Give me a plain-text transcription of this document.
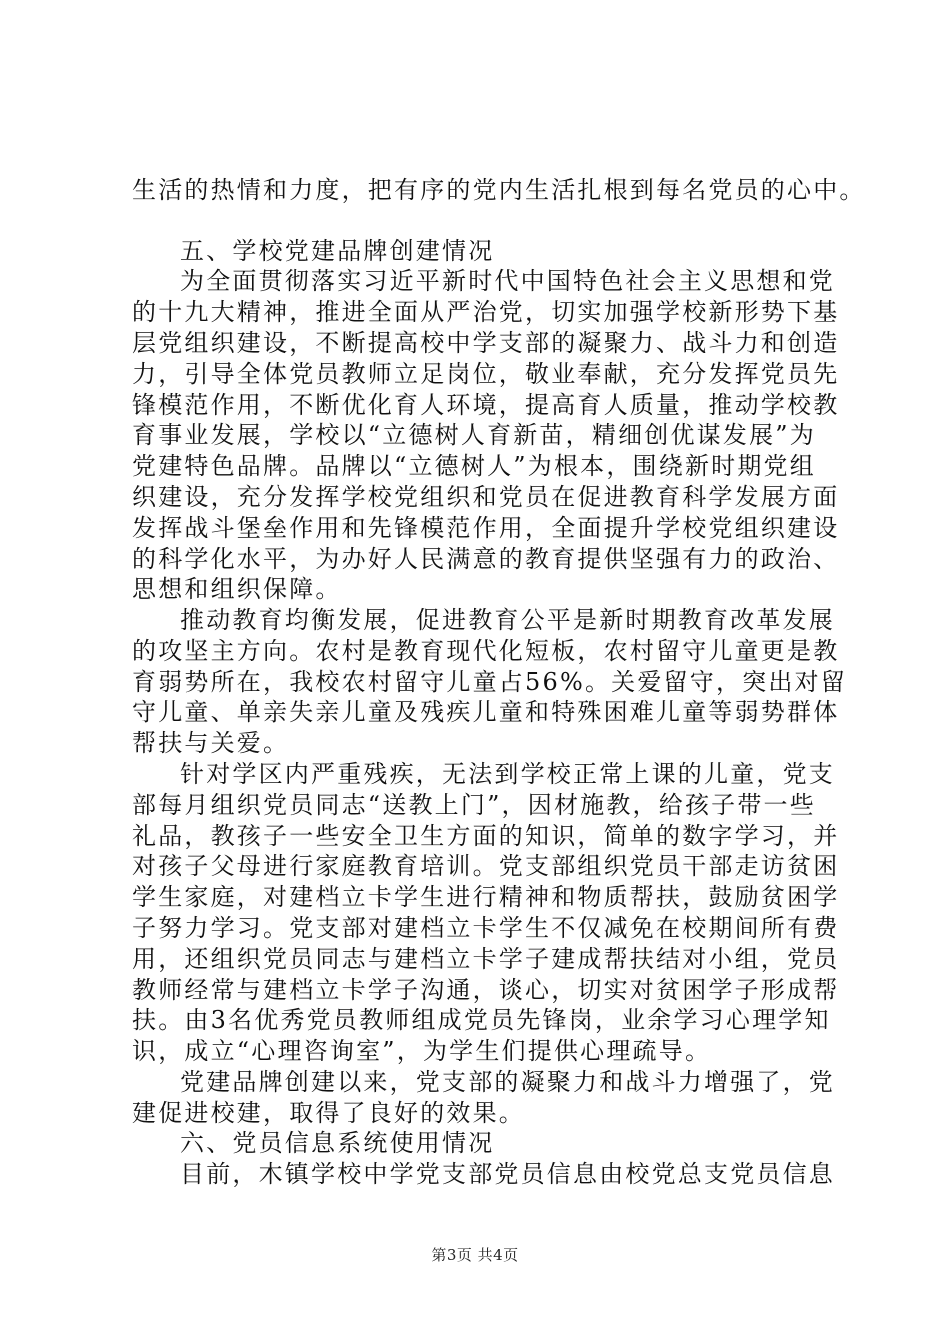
生活的热情和力度，把有序的党内生活扎根到每名党员的心中。
五、学校党建品牌创建情况
为全面贯彻落实习近平新时代中国特色社会主义思想和党
的十九大精神，推进全面从严治党，切实加强学校新形势下基
层党组织建设，不断提高校中学支部的凝聚力、战斗力和创造
力，引导全体党员教师立足岗位，敬业奉献，充分发挥党员先
锋模范作用，不断优化育人环境，提高育人质量，推动学校教
育事业发展，学校以“立德树人育新苗，精细创优谋发展”为
党建特色品牌。品牌以“立德树人”为根本，围绕新时期党组
织建设，充分发挥学校党组织和党员在促进教育科学发展方面
发挥战斗堡垒作用和先锋模范作用，全面提升学校党组织建设
的科学化水平，为办好人民满意的教育提供坚强有力的政治、
思想和组织保障。
推动教育均衡发展，促进教育公平是新时期教育改革发展
的攻坚主方向。农村是教育现代化短板，农村留守儿童更是教
育弱势所在，我校农村留守儿童占56%。关爱留守，突出对留
守儿童、单亲失亲儿童及残疾儿童和特殊困难儿童等弱势群体
帮扶与关爱。
针对学区内严重残疾，无法到学校正常上课的儿童，党支
部每月组织党员同志“送教上门”，因材施教，给孩子带一些
礼品，教孩子一些安全卫生方面的知识，简单的数字学习，并
对孩子父母进行家庭教育培训。党支部组织党员干部走访贫困
学生家庭，对建档立卡学生进行精神和物质帮扶，鼓励贫困学
子努力学习。党支部对建档立卡学生不仅减免在校期间所有费
用，还组织党员同志与建档立卡学子建成帮扶结对小组，党员
教师经常与建档立卡学子沟通，谈心，切实对贫困学子形成帮
扶。由3名优秀党员教师组成党员先锋岗，业余学习心理学知
识，成立“心理咨询室”，为学生们提供心理疏导。
党建品牌创建以来，党支部的凝聚力和战斗力增强了，党
建促进校建，取得了良好的效果。
六、党员信息系统使用情况
目前，木镇学校中学党支部党员信息由校党总支党员信息
第3页 共4页
